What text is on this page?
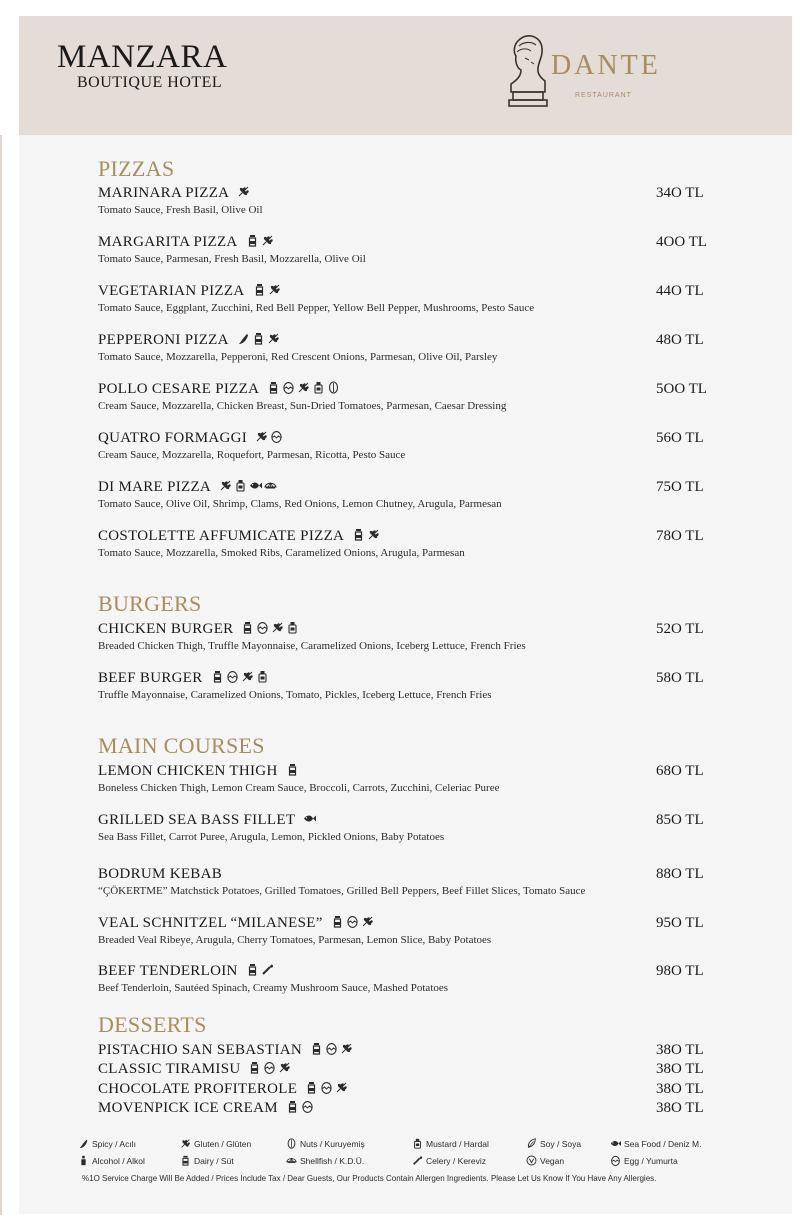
MANZARA
BOUTIQUE HOTEL
DANTE
RESTAURANT
PIZZAS
MARINARA PIZZA
Tomato Sauce, Fresh Basil, Olive Oil
34O TL
MARGARITA PIZZA
Tomato Sauce, Parmesan, Fresh Basil, Mozzarella, Olive Oil
4OO TL
VEGETARIAN PIZZA
Tomato Sauce, Eggplant, Zucchini, Red Bell Pepper, Yellow Bell Pepper, Mushrooms, Pesto Sauce
44O TL
PEPPERONI PIZZA
Tomato Sauce, Mozzarella, Pepperoni, Red Crescent Onions, Parmesan, Olive Oil, Parsley
48O TL
POLLO CESARE PIZZA
Cream Sauce, Mozzarella, Chicken Breast, Sun-Dried Tomatoes, Parmesan, Caesar Dressing
5OO TL
QUATRO FORMAGGI
Cream Sauce, Mozzarella, Roquefort, Parmesan, Ricotta, Pesto Sauce
56O TL
DI MARE PIZZA
Tomato Sauce, Olive Oil, Shrimp, Clams, Red Onions, Lemon Chutney, Arugula, Parmesan
75O TL
COSTOLETTE AFFUMICATE PIZZA
Tomato Sauce, Mozzarella, Smoked Ribs, Caramelized Onions, Arugula, Parmesan
78O TL
BURGERS
CHICKEN BURGER
Breaded Chicken Thigh, Truffle Mayonnaise, Caramelized Onions, Iceberg Lettuce, French Fries
52O TL
BEEF BURGER
Truffle Mayonnaise, Caramelized Onions, Tomato, Pickles, Iceberg Lettuce, French Fries
58O TL
MAIN COURSES
LEMON CHICKEN THIGH
Boneless Chicken Thigh, Lemon Cream Sauce, Broccoli, Carrots, Zucchini, Celeriac Puree
68O TL
GRILLED SEA BASS FILLET
Sea Bass Fillet, Carrot Puree, Arugula, Lemon, Pickled Onions, Baby Potatoes
85O TL
BODRUM KEBAB
“ÇÖKERTME” Matchstick Potatoes, Grilled Tomatoes, Grilled Bell Peppers, Beef Fillet Slices, Tomato Sauce
88O TL
VEAL SCHNITZEL “MILANESE”
Breaded Veal Ribeye, Arugula, Cherry Tomatoes, Parmesan, Lemon Slice, Baby Potatoes
95O TL
BEEF TENDERLOIN
Beef Tenderloin, Sautéed Spinach, Creamy Mushroom Sauce, Mashed Potatoes
98O TL
DESSERTS
PISTACHIO SAN SEBASTIAN	38O TL
CLASSIC TIRAMISU	38O TL
CHOCOLATE PROFITEROLE	38O TL
MOVENPICK ICE CREAM	38O TL
Spicy / Acılı	Gluten / Glüten	Nuts / Kuruyemiş	Mustard / Hardal	Soy / Soya	Sea Food / Deniz M.
Alcohol / Alkol	Dairy / Süt	Shellfish / K.D.Ü.	Celery / Kereviz	Vegan	Egg / Yumurta
%1O Service Charge Will Be Added / Prices Include Tax / Dear Guests, Our Products Contain Allergen Ingredients. Please Let Us Know If You Have Any Allergies.
